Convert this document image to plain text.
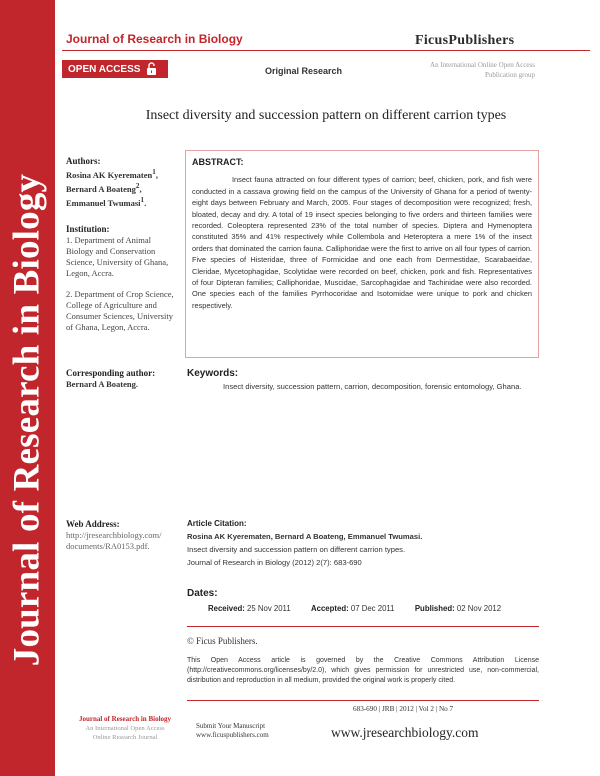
Journal of Research in Biology
Journal of Research in Biology	FicusPublishers
OPEN ACCESS	Original Research
An International Online Open Access
Publication group
Insect diversity and succession pattern on different carrion types
Authors:
Rosina AK Kyerematen$^1$,
Bernard A Boateng$^2$,
Emmanuel Twumasi$^1$.
Institution:
1. Department of Animal Biology and Conservation Science, University of Ghana, Legon, Accra.
2. Department of Crop Science, College of Agriculture and Consumer Sciences, University of Ghana, Legon, Accra.
Corresponding author:
Bernard A Boateng.
ABSTRACT:
Insect fauna attracted on four different types of carrion; beef, chicken, pork, and fish were conducted in a cassava growing field on the campus of the University of Ghana for a period of twenty-eight days between February and March, 2005. Four stages of decomposition were recognized; fresh, bloated, decay and dry. A total of 19 insect species belonging to five orders and thirteen families were recorded. Coleoptera represented 23% of the total number of species. Diptera and Hymenoptera constituted 35% and 41% respectively while Collembola and Heteroptera a mere 1% of the insect orders that dominated the carrion fauna. Calliphoridae were the first to arrive on all four types of carrion. Five species of Histeridae, three of Formicidae and one each from Dermestidae, Scarabaeidae, Cleridae, Mycetophagidae, Scolytidae were recorded on beef, chicken, pork and fish. Representatives of four Dipteran families; Calliphoridae, Muscidae, Sarcophagidae and Tachinidae were also recorded. One species each of the families Pyrrhocoridae and Isotomidae were unique to pork and chicken respectively.
Keywords:
Insect diversity, succession pattern, carrion, decomposition, forensic entomology, Ghana.
Web Address:
http://jresearchbiology.com/ documents/RA0153.pdf.
Article Citation:
Rosina AK Kyerematen, Bernard A Boateng, Emmanuel Twumasi.
Insect diversity and succession pattern on different carrion types.
Journal of Research in Biology (2012) 2(7): 683-690
Dates:
Received: 25 Nov 2011	Accepted: 07 Dec 2011	Published: 02 Nov 2012
© Ficus Publishers.
This Open Access article is governed by the Creative Commons Attribution License (http://creativecommons.org/licenses/by/2.0), which gives permission for unrestricted use, non-commercial, distribution and reproduction in all medium, provided the original work is properly cited.
683-690 | JRB | 2012 | Vol 2 | No 7
Journal of Research in Biology
An International Open Access
Online Research Journal
Submit Your Manuscript
www.ficuspublishers.com	www.jresearchbiology.com
